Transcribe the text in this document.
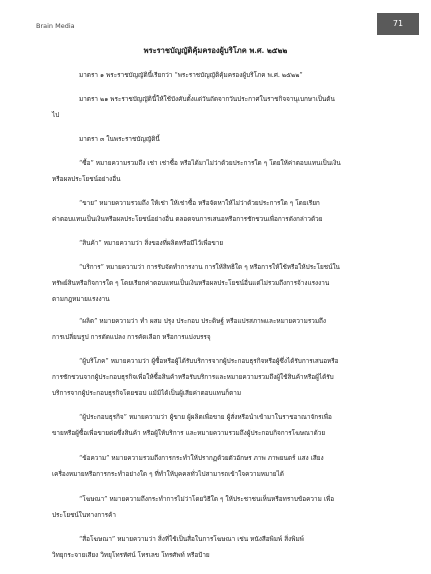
Brain Media	71
พระราชบัญญัติคุ้มครองผู้บริโภค พ.ศ. ๒๕๒๒
มาตรา ๑ พระราชบัญญัตินี้เรียกว่า “พระราชบัญญัติคุ้มครองผู้บริโภค พ.ศ. ๒๕๒๒”
มาตรา ๒๑ พระราชบัญญัตินี้ให้ใช้บังคับตั้งแต่วันถัดจากวันประกาศในราชกิจจานุเบกษาเป็นต้น
ไป
มาตรา ๓ ในพระราชบัญญัตินี้
“ซื้อ” หมายความรวมถึง เช่า เช่าซื้อ หรือได้มาไม่ว่าด้วยประการใด ๆ โดยให้ค่าตอบแทนเป็นเงิน
หรือผลประโยชน์อย่างอื่น
“ขาย” หมายความรวมถึง ให้เช่า ให้เช่าซื้อ หรือจัดหาให้ไม่ว่าด้วยประการใด ๆ โดยเรียก
ค่าตอบแทนเป็นเงินหรือผลประโยชน์อย่างอื่น ตลอดจนการเสนอหรือการชักชวนเพื่อการดังกล่าวด้วย
“สินค้า” หมายความว่า สิ่งของที่ผลิตหรือมีไว้เพื่อขาย
“บริการ” หมายความว่า การรับจัดทำการงาน การให้สิทธิใด ๆ หรือการให้ใช้หรือให้ประโยชน์ใน
ทรัพย์สินหรือกิจการใด ๆ โดยเรียกค่าตอบแทนเป็นเงินหรือผลประโยชน์อื่นแต่ไม่รวมถึงการจ้างแรงงาน
ตามกฎหมายแรงงาน
“ผลิต” หมายความว่า ทำ ผสม ปรุง ประกอบ ประดิษฐ์ หรือแปรสภาพและหมายความรวมถึง
การเปลี่ยนรูป การดัดแปลง การคัดเลือก หรือการแบ่งบรรจุ
“ผู้บริโภค” หมายความว่า ผู้ซื้อหรือผู้ได้รับบริการจากผู้ประกอบธุรกิจหรือผู้ซึ่งได้รับการเสนอหรือ
การชักชวนจากผู้ประกอบธุรกิจเพื่อให้ซื้อสินค้าหรือรับบริการและหมายความรวมถึงผู้ใช้สินค้าหรือผู้ได้รับ
บริการจากผู้ประกอบธุรกิจโดยชอบ แม้มิได้เป็นผู้เสียค่าตอบแทนก็ตาม
“ผู้ประกอบธุรกิจ” หมายความว่า ผู้ขาย ผู้ผลิตเพื่อขาย ผู้สั่งหรือนำเข้ามาในราชอาณาจักรเพื่อ
ขายหรือผู้ซื้อเพื่อขายต่อซึ่งสินค้า หรือผู้ให้บริการ และหมายความรวมถึงผู้ประกอบกิจการโฆษณาด้วย
“ข้อความ” หมายความรวมถึงการกระทำให้ปรากฏด้วยตัวอักษร ภาพ ภาพยนตร์ แสง เสียง
เครื่องหมายหรือการกระทำอย่างใด ๆ ที่ทำให้บุคคลทั่วไปสามารถเข้าใจความหมายได้
“โฆษณา” หมายความถึงกระทำการไม่ว่าโดยวิธีใด ๆ ให้ประชาชนเห็นหรือทราบข้อความ เพื่อ
ประโยชน์ในทางการค้า
“สื่อโฆษณา” หมายความว่า สิ่งที่ใช้เป็นสื่อในการโฆษณา เช่น หนังสือพิมพ์ สิ่งพิมพ์
วิทยุกระจายเสียง วิทยุโทรทัศน์ โทรเลข โทรศัพท์ หรือป้าย
